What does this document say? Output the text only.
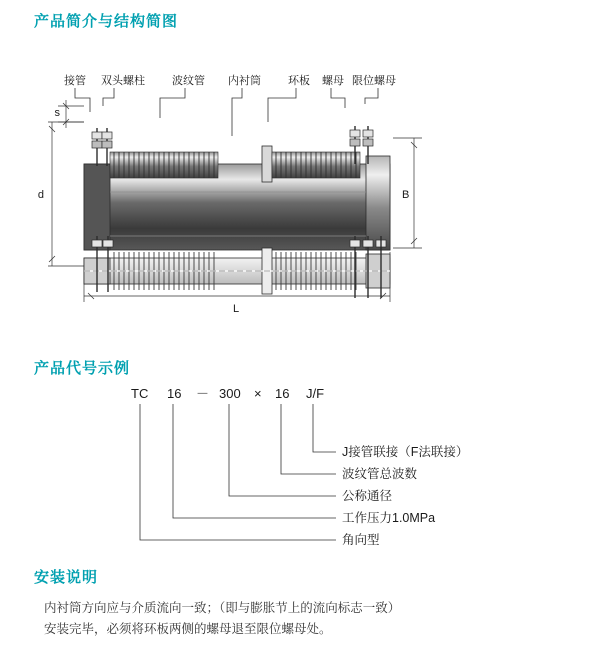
产品简介与结构简图
产品代号示例
安装说明
接管 双头螺柱 波纹管 内衬筒 环板 螺母 限位螺母
s
d	B
L
TC 16 － 300 × 16 J/F
J接管联接（F法联接）
波纹管总波数
公称通径
工作压力1.0MPa
角向型
内衬筒方向应与介质流向一致；（即与膨胀节上的流向标志一致）
安装完毕，必须将环板两侧的螺母退至限位螺母处。
